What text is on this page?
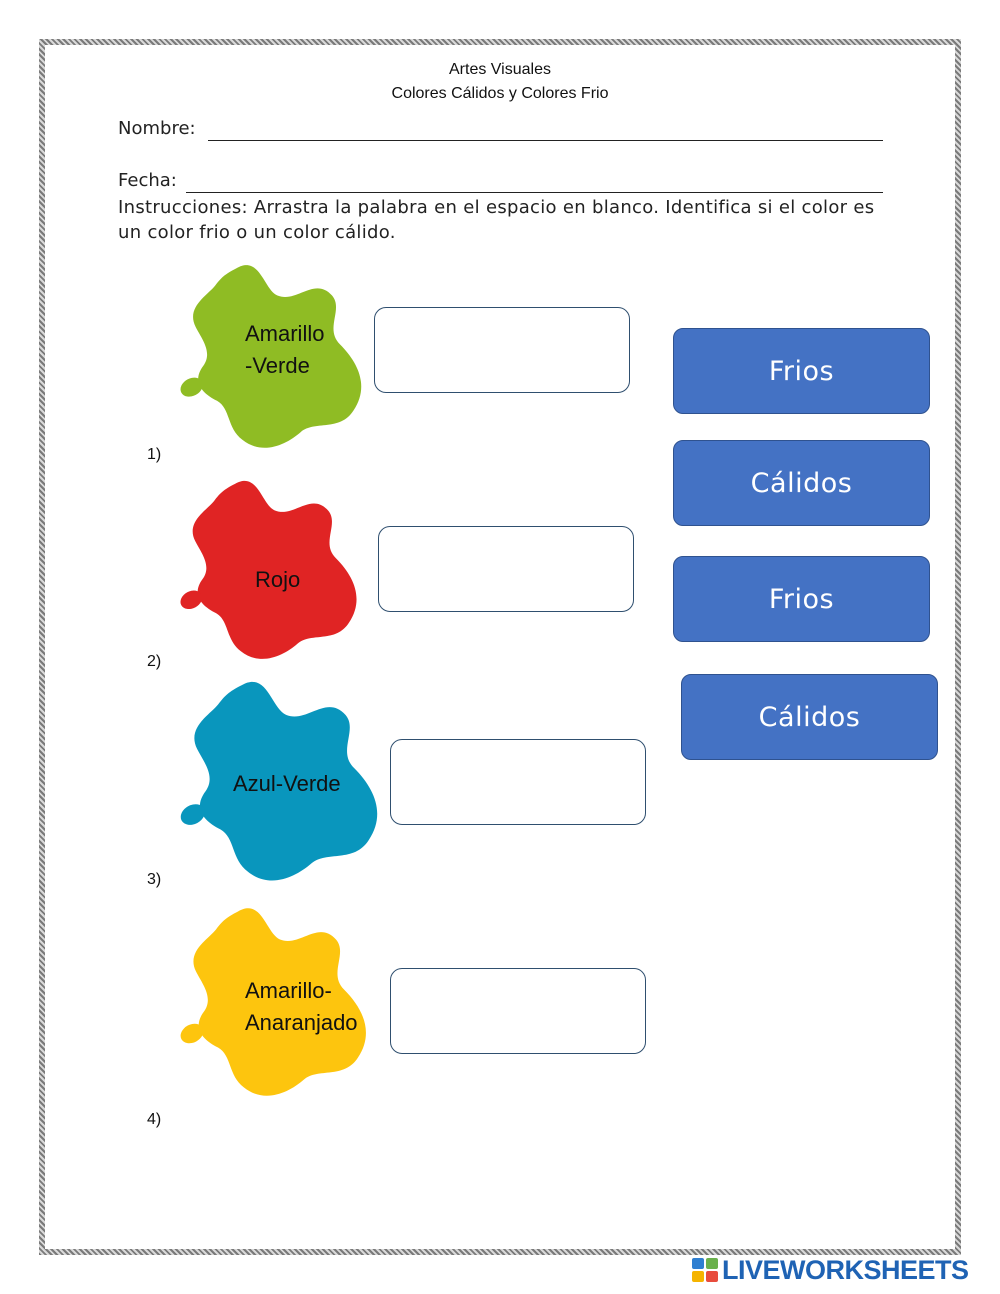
Artes Visuales
Colores Cálidos y Colores Frio
Nombre:
Fecha:
Instrucciones: Arrastra la palabra en el espacio en blanco. Identifica si el color es un color frio o un color cálido.
Amarillo
-Verde
1)
Rojo
2)
Azul-Verde
3)
Amarillo-
Anaranjado
4)
Frios
Cálidos
Frios
Cálidos
LIVEWORKSHEETS
